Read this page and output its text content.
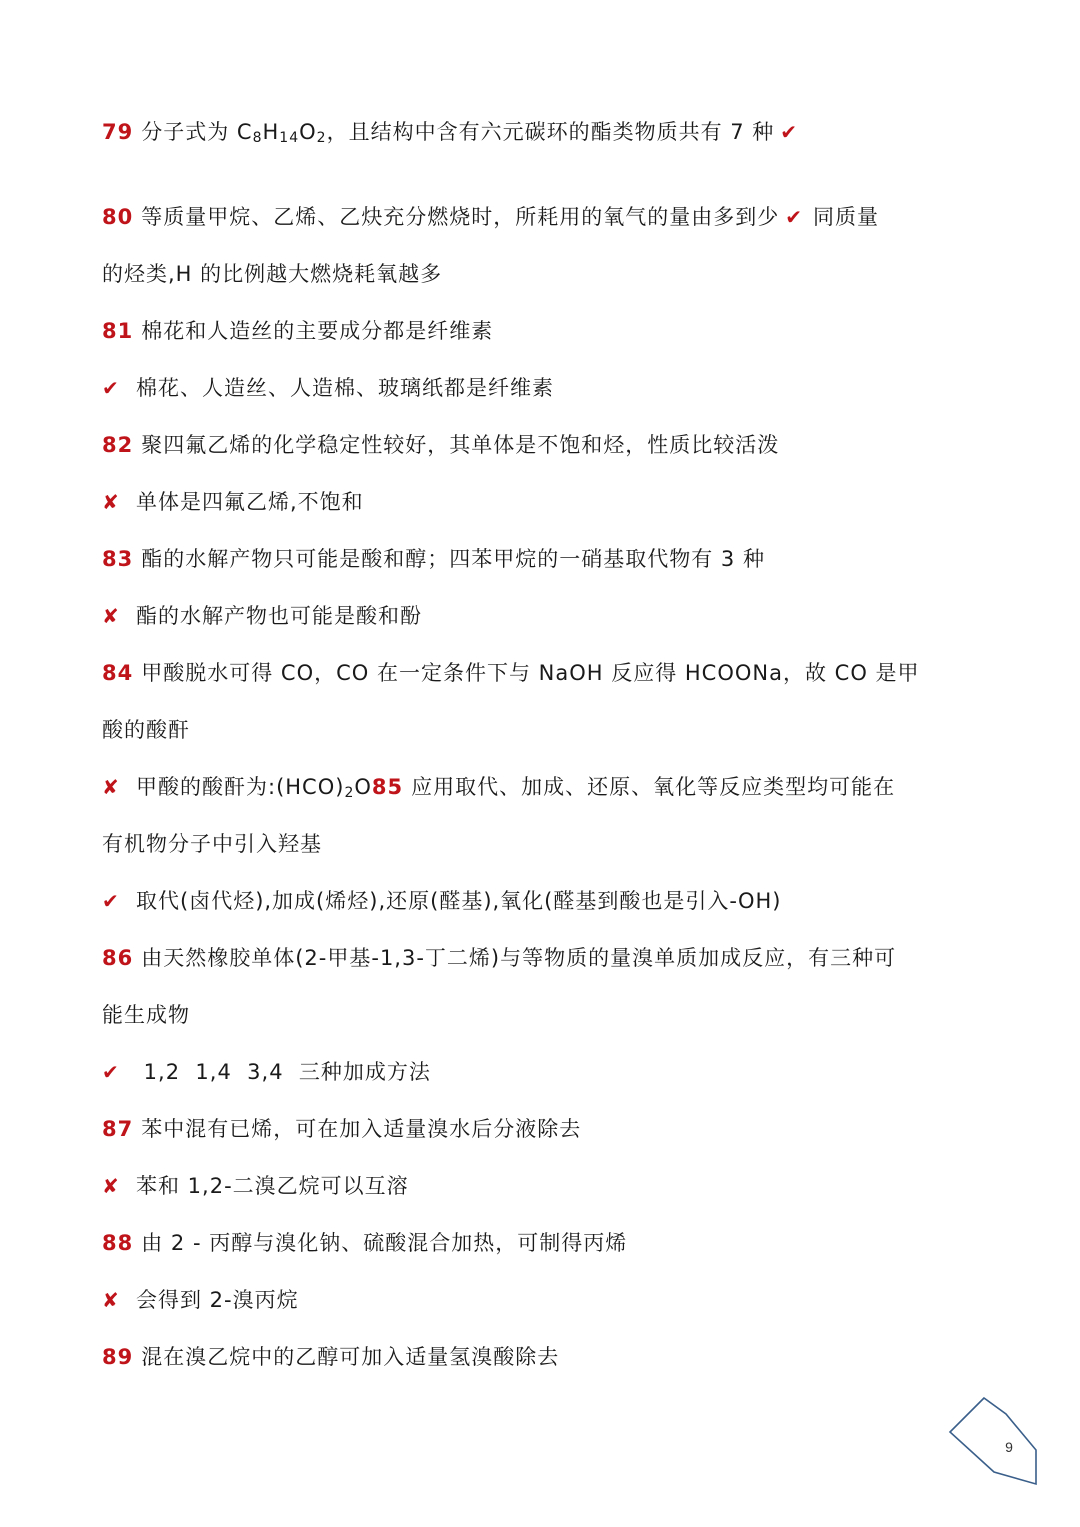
79 分子式为 $C_8H_{14}O_2$，且结构中含有六元碳环的酯类物质共有 7 种 ✔
80 等质量甲烷、乙烯、乙炔充分燃烧时，所耗用的氧气的量由多到少 ✔ 同质量
的烃类,H 的比例越大燃烧耗氧越多
81 棉花和人造丝的主要成分都是纤维素
✔ 棉花、人造丝、人造棉、玻璃纸都是纤维素
82 聚四氟乙烯的化学稳定性较好，其单体是不饱和烃，性质比较活泼
✘ 单体是四氟乙烯,不饱和
83 酯的水解产物只可能是酸和醇；四苯甲烷的一硝基取代物有 3 种
✘ 酯的水解产物也可能是酸和酚
84 甲酸脱水可得 CO，CO 在一定条件下与 NaOH 反应得 HCOONa，故 CO 是甲
酸的酸酐
✘ 甲酸的酸酐为$:(HCO)_2O85$ 应用取代、加成、还原、氧化等反应类型均可能在
有机物分子中引入羟基
✔ 取代(卤代烃),加成(烯烃),还原(醛基),氧化(醛基到酸也是引入-OH)
86 由天然橡胶单体(2-甲基-1,3-丁二烯)与等物质的量溴单质加成反应，有三种可
能生成物
✔ 1,2  1,4  3,4  三种加成方法
87 苯中混有已烯，可在加入适量溴水后分液除去
✘ 苯和 1,2-二溴乙烷可以互溶
88 由 2 - 丙醇与溴化钠、硫酸混合加热，可制得丙烯
✘ 会得到 2-溴丙烷
89 混在溴乙烷中的乙醇可加入适量氢溴酸除去
9
